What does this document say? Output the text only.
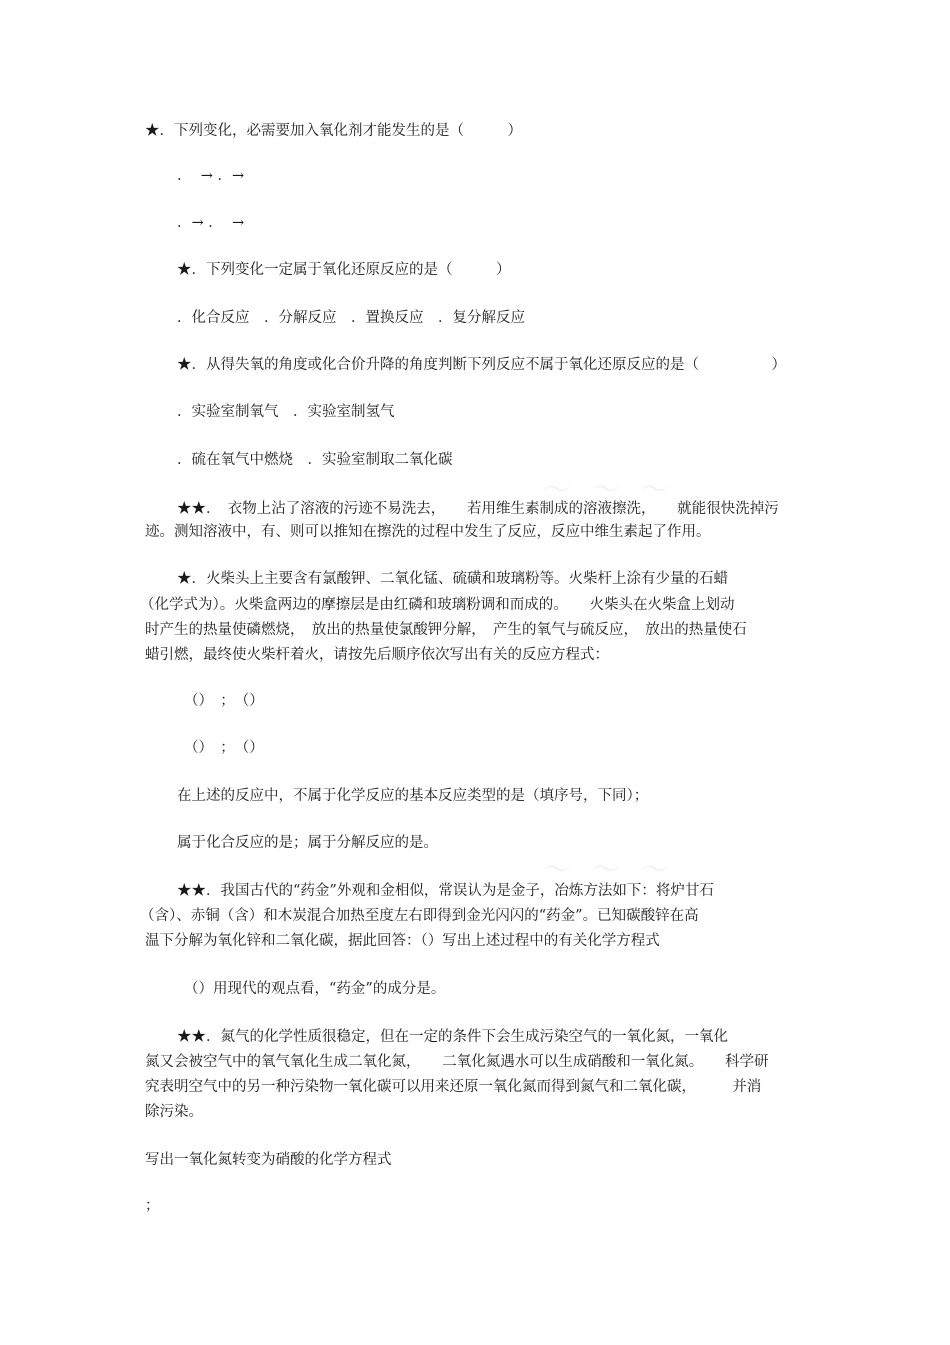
～ ～ ～
～ ～ ～
★．下列变化，必需要加入氧化剂才能发生的是（　　　）
．  → ．→
．→ ．  →
★．下列变化一定属于氧化还原反应的是（　　　）
．化合反应　．分解反应　．置换反应　．复分解反应
★．从得失氧的角度或化合价升降的角度判断下列反应不属于氧化还原反应的是（　　　　　）
．实验室制氧气　．实验室制氢气
．硫在氧气中燃烧　．实验室制取二氧化碳
★★．　衣物上沾了溶液的污迹不易洗去，　　若用维生素制成的溶液擦洗，　　就能很快洗掉污
迹。测知溶液中，有、则可以推知在擦洗的过程中发生了反应，反应中维生素起了作用。
★．火柴头上主要含有氯酸钾、二氧化锰、硫磺和玻璃粉等。火柴杆上涂有少量的石蜡
（化学式为）。火柴盒两边的摩擦层是由红磷和玻璃粉调和而成的。　　火柴头在火柴盒上划动
时产生的热量使磷燃烧，　放出的热量使氯酸钾分解，　产生的氧气与硫反应，　放出的热量使石
蜡引燃，最终使火柴杆着火，请按先后顺序依次写出有关的反应方程式：
（）　；　（）
（）　；　（）
在上述的反应中，不属于化学反应的基本反应类型的是（填序号，下同）；
属于化合反应的是；属于分解反应的是。
★★．我国古代的“药金”外观和金相似，常误认为是金子，冶炼方法如下：将炉甘石
（含）、赤铜（含）和木炭混合加热至度左右即得到金光闪闪的“药金”。已知碳酸锌在高
温下分解为氧化锌和二氧化碳，据此回答：（）写出上述过程中的有关化学方程式
（）用现代的观点看，“药金”的成分是。
★★．氮气的化学性质很稳定，但在一定的条件下会生成污染空气的一氧化氮，一氧化
氮又会被空气中的氧气氧化生成二氧化氮，　　二氧化氮遇水可以生成硝酸和一氧化氮。　　科学研
究表明空气中的另一种污染物一氧化碳可以用来还原一氧化氮而得到氮气和二氧化碳，　　　并消
除污染。
写出一氧化氮转变为硝酸的化学方程式
；
